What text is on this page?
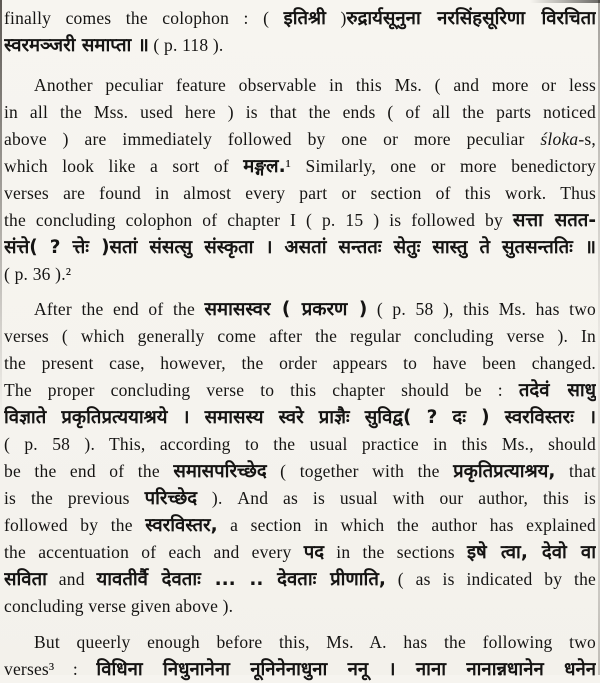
finally comes the colophon : ( इतिश्री )रुद्रार्यसूनुना नरसिंहसूरिणा विरचिता
स्वरमञ्जरी समाप्ता ॥ ( p. 118 ).
Another peculiar feature observable in this Ms. ( and more or less
in all the Mss. used here ) is that the ends ( of all the parts noticed
above ) are immediately followed by one or more peculiar śloka-s,
which look like a sort of मङ्गल.¹ Similarly, one or more benedictory
verses are found in almost every part or section of this work. Thus
the concluding colophon of chapter I ( p. 15 ) is followed by सत्ता सतत-
संत्ते( ? त्तेः )सतां संसत्सु संस्कृता । असतां सन्ततः सेतुः सास्तु ते सुतसन्ततिः ॥
( p. 36 ).²
After the end of the समासस्वर ( प्रकरण ) ( p. 58 ), this Ms. has two
verses ( which generally come after the regular concluding verse ). In
the present case, however, the order appears to have been changed.
The proper concluding verse to this chapter should be : तदेवं साधु
विज्ञाते प्रकृतिप्रत्ययाश्रये । समासस्य स्वरे प्राज्ञैः सुविद्व( ? दः ) स्वरविस्तरः ।
( p. 58 ). This, according to the usual practice in this Ms., should
be the end of the समासपरिच्छेद ( together with the प्रकृतिप्रत्याश्रय, that
is the previous परिच्छेद ). And as is usual with our author, this is
followed by the स्वरविस्तर, a section in which the author has explained
the accentuation of each and every पद in the sections इषे त्वा, देवो वा
सविता and यावतीर्वै देवताः ... .. देवताः प्रीणाति, ( as is indicated by the
concluding verse given above ).
But queerly enough before this, Ms. A. has the following two
verses³ : विधिना निधुनानेना नूनिनेनाधुना ननू । नाना नानान्नधानेन धनेन
